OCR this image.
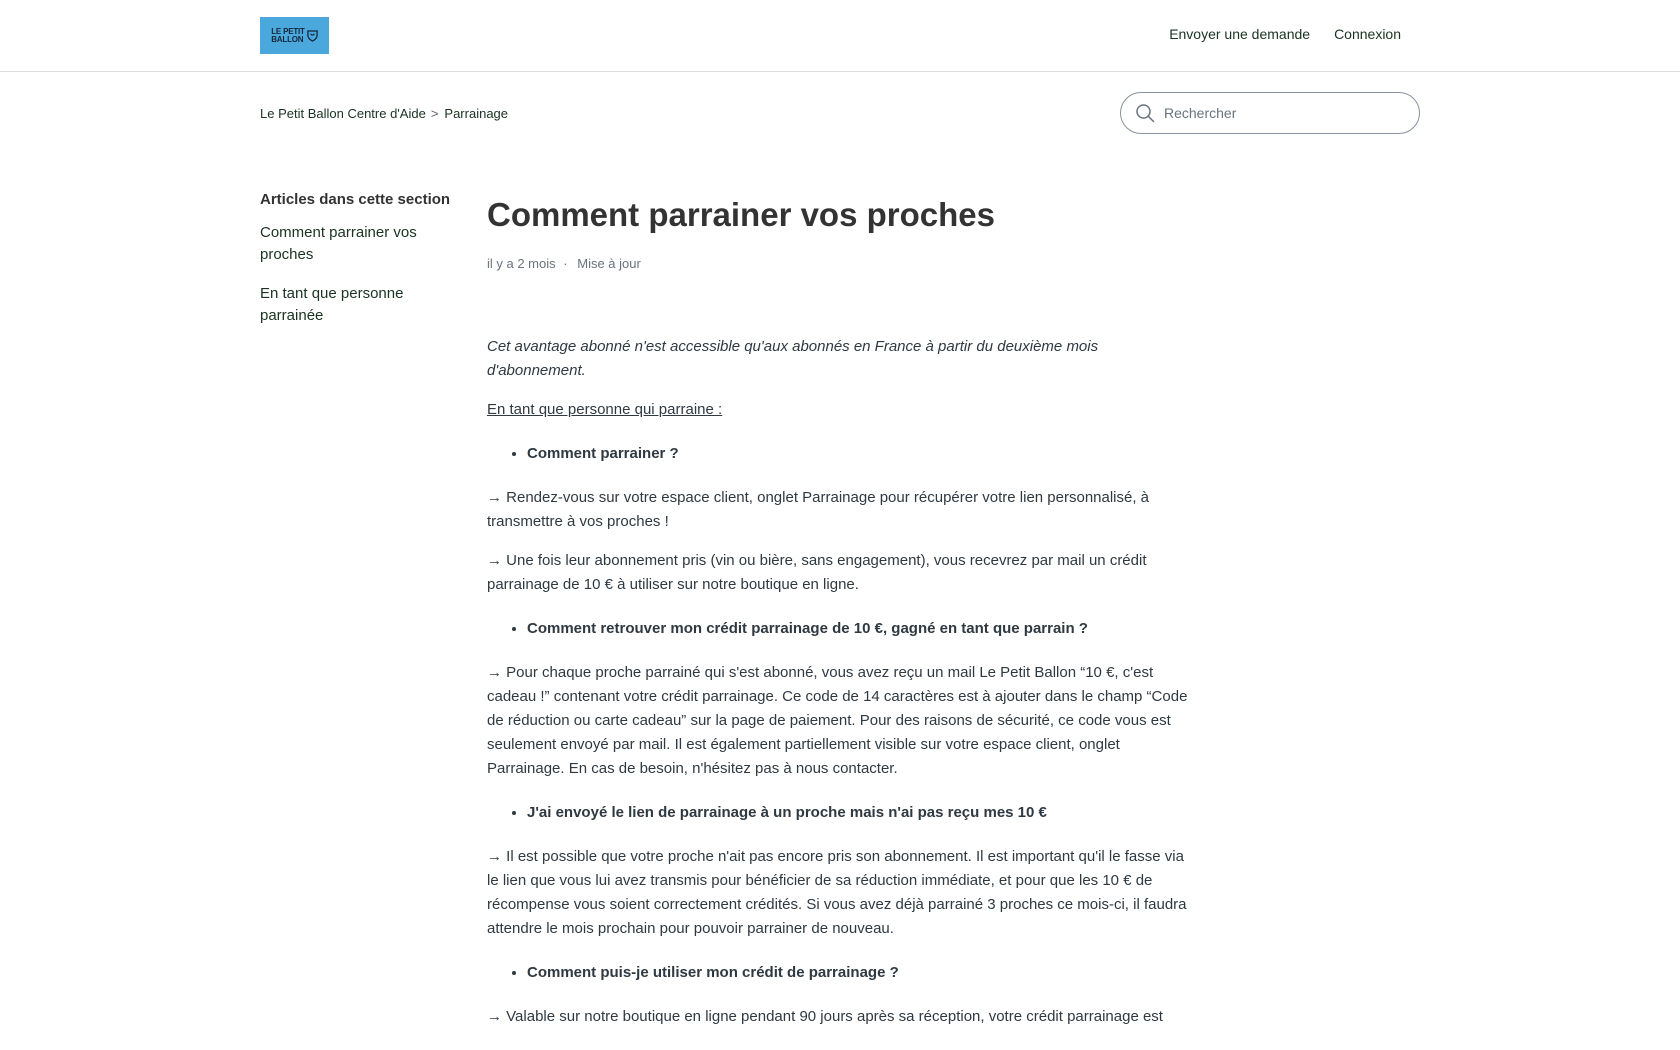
LE PETIT
BALLON	Envoyer une demande Connexion
Le Petit Ballon Centre d'Aide > Parrainage
Rechercher
Articles dans cette section
Comment parrainer vos proches
En tant que personne parrainée
Comment parrainer vos proches
il y a 2 mois · Mise à jour

Cet avantage abonné n'est accessible qu'aux abonnés en France à partir du deuxième mois d'abonnement.

En tant que personne qui parraine :

• Comment parrainer ?

→ Rendez-vous sur votre espace client, onglet Parrainage pour récupérer votre lien personnalisé, à transmettre à vos proches !

→ Une fois leur abonnement pris (vin ou bière, sans engagement), vous recevrez par mail un crédit parrainage de 10 € à utiliser sur notre boutique en ligne.

• Comment retrouver mon crédit parrainage de 10 €, gagné en tant que parrain ?

→ Pour chaque proche parrainé qui s'est abonné, vous avez reçu un mail Le Petit Ballon “10 €, c'est cadeau !” contenant votre crédit parrainage. Ce code de 14 caractères est à ajouter dans le champ “Code de réduction ou carte cadeau” sur la page de paiement. Pour des raisons de sécurité, ce code vous est seulement envoyé par mail. Il est également partiellement visible sur votre espace client, onglet Parrainage. En cas de besoin, n'hésitez pas à nous contacter.

• J'ai envoyé le lien de parrainage à un proche mais n'ai pas reçu mes 10 €

→ Il est possible que votre proche n'ait pas encore pris son abonnement. Il est important qu'il le fasse via le lien que vous lui avez transmis pour bénéficier de sa réduction immédiate, et pour que les 10 € de récompense vous soient correctement crédités. Si vous avez déjà parrainé 3 proches ce mois-ci, il faudra attendre le mois prochain pour pouvoir parrainer de nouveau.

• Comment puis-je utiliser mon crédit de parrainage ?

→ Valable sur notre boutique en ligne pendant 90 jours après sa réception, votre crédit parrainage est
